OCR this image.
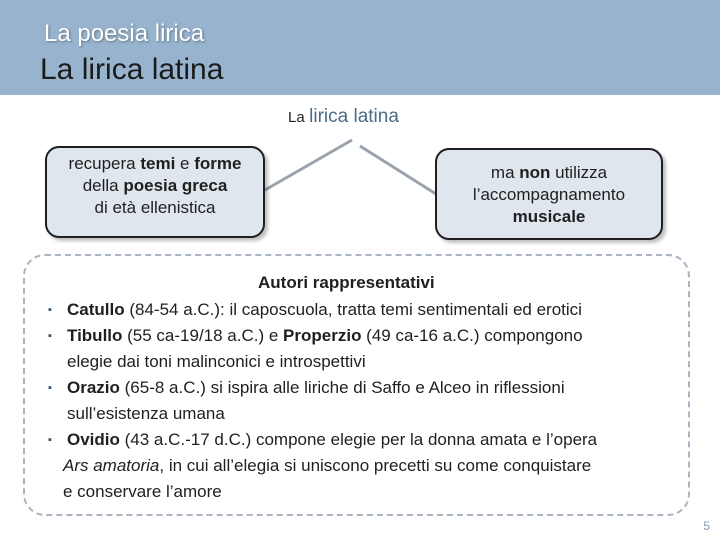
La poesia lirica
La lirica latina
La lirica latina
recupera temi e forme
della poesia greca
di età ellenistica
ma non utilizza
l’accompagnamento
musicale
Autori rappresentativi
▪ Catullo (84-54 a.C.): il caposcuola, tratta temi sentimentali ed erotici
▪ Tibullo (55 ca-19/18 a.C.) e Properzio (49 ca-16 a.C.) compongono
elegie dai toni malinconici e introspettivi
▪ Orazio (65-8 a.C.) si ispira alle liriche di Saffo e Alceo in riflessioni
sull’esistenza umana
▪ Ovidio (43 a.C.-17 d.C.) compone elegie per la donna amata e l’opera
Ars amatoria, in cui all’elegia si uniscono precetti su come conquistare
e conservare l’amore
5
